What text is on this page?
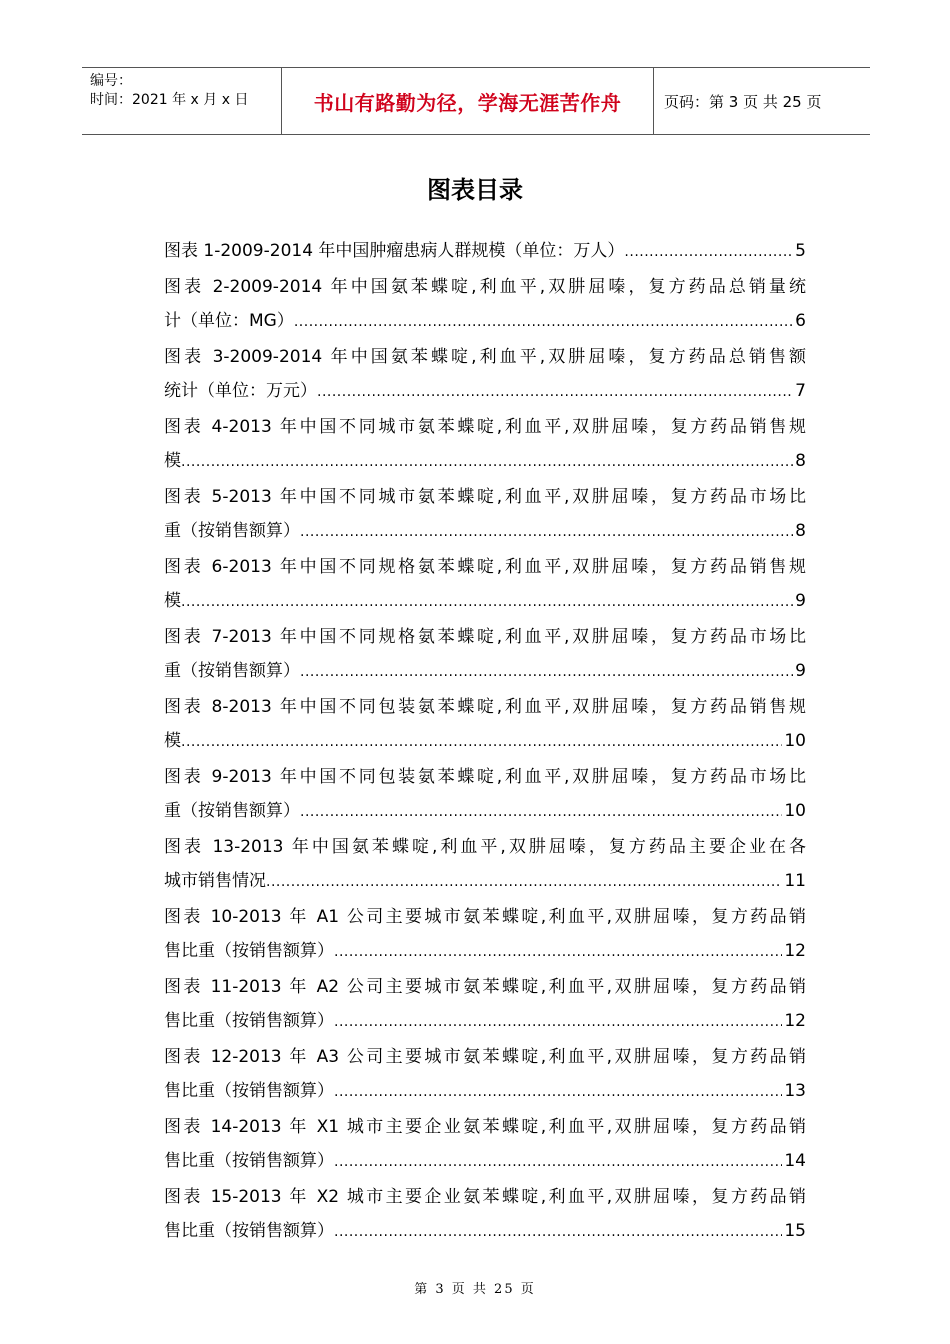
编号：
时间：2021 年 x 月 x 日	书山有路勤为径，学海无涯苦作舟	页码：第 3 页 共 25 页
图表目录
图表 1-2009-2014 年中国肿瘤患病人群规模（单位：万人） .....	5
图表 2-2009-2014 年中国氨苯蝶啶,利血平,双肼屈嗪，复方药品总销量统
计（单位：MG） .....	6
图表 3-2009-2014 年中国氨苯蝶啶,利血平,双肼屈嗪，复方药品总销售额
统计（单位：万元） .....	7
图表 4-2013 年中国不同城市氨苯蝶啶,利血平,双肼屈嗪，复方药品销售规
模 .....	8
图表 5-2013 年中国不同城市氨苯蝶啶,利血平,双肼屈嗪，复方药品市场比
重（按销售额算） .....	8
图表 6-2013 年中国不同规格氨苯蝶啶,利血平,双肼屈嗪，复方药品销售规
模 .....	9
图表 7-2013 年中国不同规格氨苯蝶啶,利血平,双肼屈嗪，复方药品市场比
重（按销售额算） .....	9
图表 8-2013 年中国不同包装氨苯蝶啶,利血平,双肼屈嗪，复方药品销售规
模 .....	10
图表 9-2013 年中国不同包装氨苯蝶啶,利血平,双肼屈嗪，复方药品市场比
重（按销售额算） .....	10
图表 13-2013 年中国氨苯蝶啶,利血平,双肼屈嗪，复方药品主要企业在各
城市销售情况 .....	11
图表 10-2013 年 A1 公司主要城市氨苯蝶啶,利血平,双肼屈嗪，复方药品销
售比重（按销售额算） .....	12
图表 11-2013 年 A2 公司主要城市氨苯蝶啶,利血平,双肼屈嗪，复方药品销
售比重（按销售额算） .....	12
图表 12-2013 年 A3 公司主要城市氨苯蝶啶,利血平,双肼屈嗪，复方药品销
售比重（按销售额算） .....	13
图表 14-2013 年 X1 城市主要企业氨苯蝶啶,利血平,双肼屈嗪，复方药品销
售比重（按销售额算） .....	14
图表 15-2013 年 X2 城市主要企业氨苯蝶啶,利血平,双肼屈嗪，复方药品销
售比重（按销售额算） .....	15
第 3 页 共 25 页
